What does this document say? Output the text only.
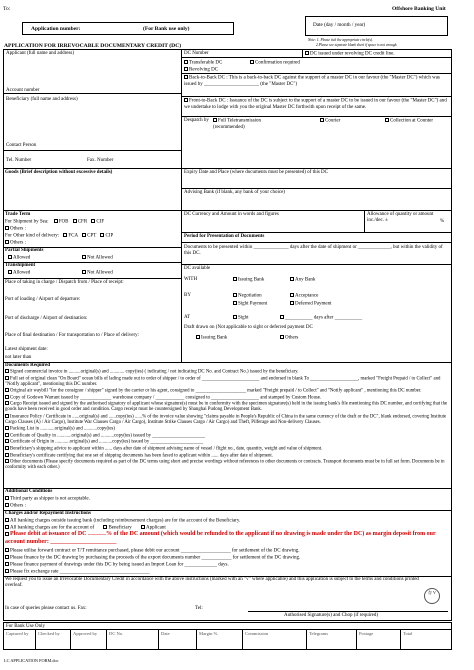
To:	Offshore Banking Unit
Application number:	(For Bank use only)
Date (day / month / year)
Note: 1. Please tick the appropriate circle(s).
2.Please see separate blank sheet if space is not enough.
APPLICATION FOR IRREVOCABLE DOCUMENTARY CREDIT (DC)
Applicant (full name and address)
Account number
Beneficiary (full name and address)
Contact Person
Tel. Number	Fax. Number
DC Number	DC issued under revolving DC credit line.
Transferable DC	Confirmation required
Revolving DC
Back-to-Back DC : This is a back-to-back DC against the support of a master DC in our favour (the "Master DC") which was issued by ______________________ (the "Master DC")
Front-to-Back DC : Issuance of the DC is subject to the support of a master DC to be issued in our favour (the "Master DC") and we undertake to lodge with you the original Master DC forthwith upon receipt of the same.
Despatch by	Full Teletransmission (recommended)
Courier	Collection at Counter
Goods (Brief description without excessive details)	Expiry Date and Place (where documents must be presented) of this DC
Advising Bank (if blank, any bank of your choice)
Trade Term
For Shipment by Sea: FOB CFR CIF
Others :
For Other kind of delivery: FCA CPT CIP
Others :
Partial Shipments
Allowed	Not Allowed
Transhipment
Allowed	Not Allowed
Place of taking in charge / Dispatch from / Place of receipt:
Port of loading / Airport of departure:
Port of discharge / Airport of destination:
Place of final destination / For transportation to / Place of delivery:
Latest shipment date:
not later than
DC Currency and Amount in words and figures	Allowance of quantity or amount inc./dec. ±	%
Period for Presentation of Documents
Documents to be presented within ______________ days after the date of shipment or _____________, but within the validity of this DC.
DC available
WITH	Issuing Bank	Any Bank
BY	Negotiation	Acceptance
Sight Payment	Deferred Payment
AT	Sight	___________ days after ___________
Draft drawn on (Not applicable to sight or deferred payment DC
Issuing Bank	Others
Documents Required
Signed commercial invoice in ..........original(s) and ............ copy(ies) ( indicating / not indicating DC No. and Contract No.) issued by the beneficiary.
Full set of original clean "On Board" ocean bills of lading made out to order of shipper / to order of ________________________ and endorsed in blank To ____________________, marked "Freight Prepaid / to Collect" and "Notify applicant", mentioning this DC number.
Original air waybill "for the consignor / shipper" signed by the carrier or his agent, consigned to _____________________ marked "Freight prepaid / to Collect" and "Notify applicant" , mentioning this DC number.
Copy of Godown Warrant issued by _____________ warehouse company / ____________ consigned to ____________________ and stamped by Custom House.
Cargo Receipt issued and signed by the authorised signatory of applicant whose signature(s) must be in conformity with the specimen signature(s) held in the issuing bank's file mentioning this DC number, and certifying that the goods have been received in good order and condition. Cargo receipt must be countersigned by Shanghai Pudong Development Bank.
Insurance Policy / Certificate in ......original(s) and ......copy(ies) ......% of the invoice value showing "claims payable in People's Republic of China in the same currency of the draft or the DC", blank endorsed, covering Institute Cargo Clauses (A) / Air Cargo), Institute War Clauses Cargo / Air Cargo), Institute Strike Clauses Cargo / Air Cargo) and Theft, Pilferage and Non-delivery Clauses.
Packing List in ............original(s) and ...........copy(ies)
Certificate of Quality in ............original(s) and ...........copy(ies) issued by ______________________
Certificate of Origin in ............original(s) and ...........copy(ies) issued by ______________________
Beneficiary's shipping advice to applicant within ...... days after date of shipment advising name of vessel / flight no., date, quantity, weight and value of shipment.
Beneficiary's certificate certifying that one set of shipping documents has been faxed to applicant within ...... days after date of shipment.
Other documents (Please specify documents required as part of the DC terms using short and precise wordings without references to other documents or contracts. Transport documents must be in full set form. Documents be in conformity with each other.)
Additional Conditions
Third party as shipper is not acceptable.
Others :
Charges and/or Repayment Instructions
All banking charges outside issuing bank (including reimbursement charges) are for the account of the Beneficiary.
All banking charges are for the account of	Beneficiary	Applicant
Please debit at issuance of DC ………% of the DC amount (which would be refunded to the applicant if no drawing is made under the DC) as margin deposit from our account number: ______________________
Please utilise forward contract or T/T remittance purchased, please debit our account ____________________ for settlement of the DC drawing.
Please finance by the DC drawing by purchasing the proceeds of the export documents number ____________ for settlement of the DC drawing.
Please finance payment of drawings under this DC by being issued an Import Loan for _____________ days.
Please fix exchange rate ____________________________________
We request you to issue an Irrevocable Documentary Credit in accordance with the above instructions (marked with an "√" where applicable) and this application is subject to the terms and conditions printed overleaf.
存 V
In case of queries please contact us. Fax:	Tel:
Authorised Signature(s) and Chop (if required)
For Bank Use Only
Captured by	Checked by	Approved by	DC No.	Date	Margin %	Commission	Telegrams	Postage	Total
LC APPLICATION FORM.doc
